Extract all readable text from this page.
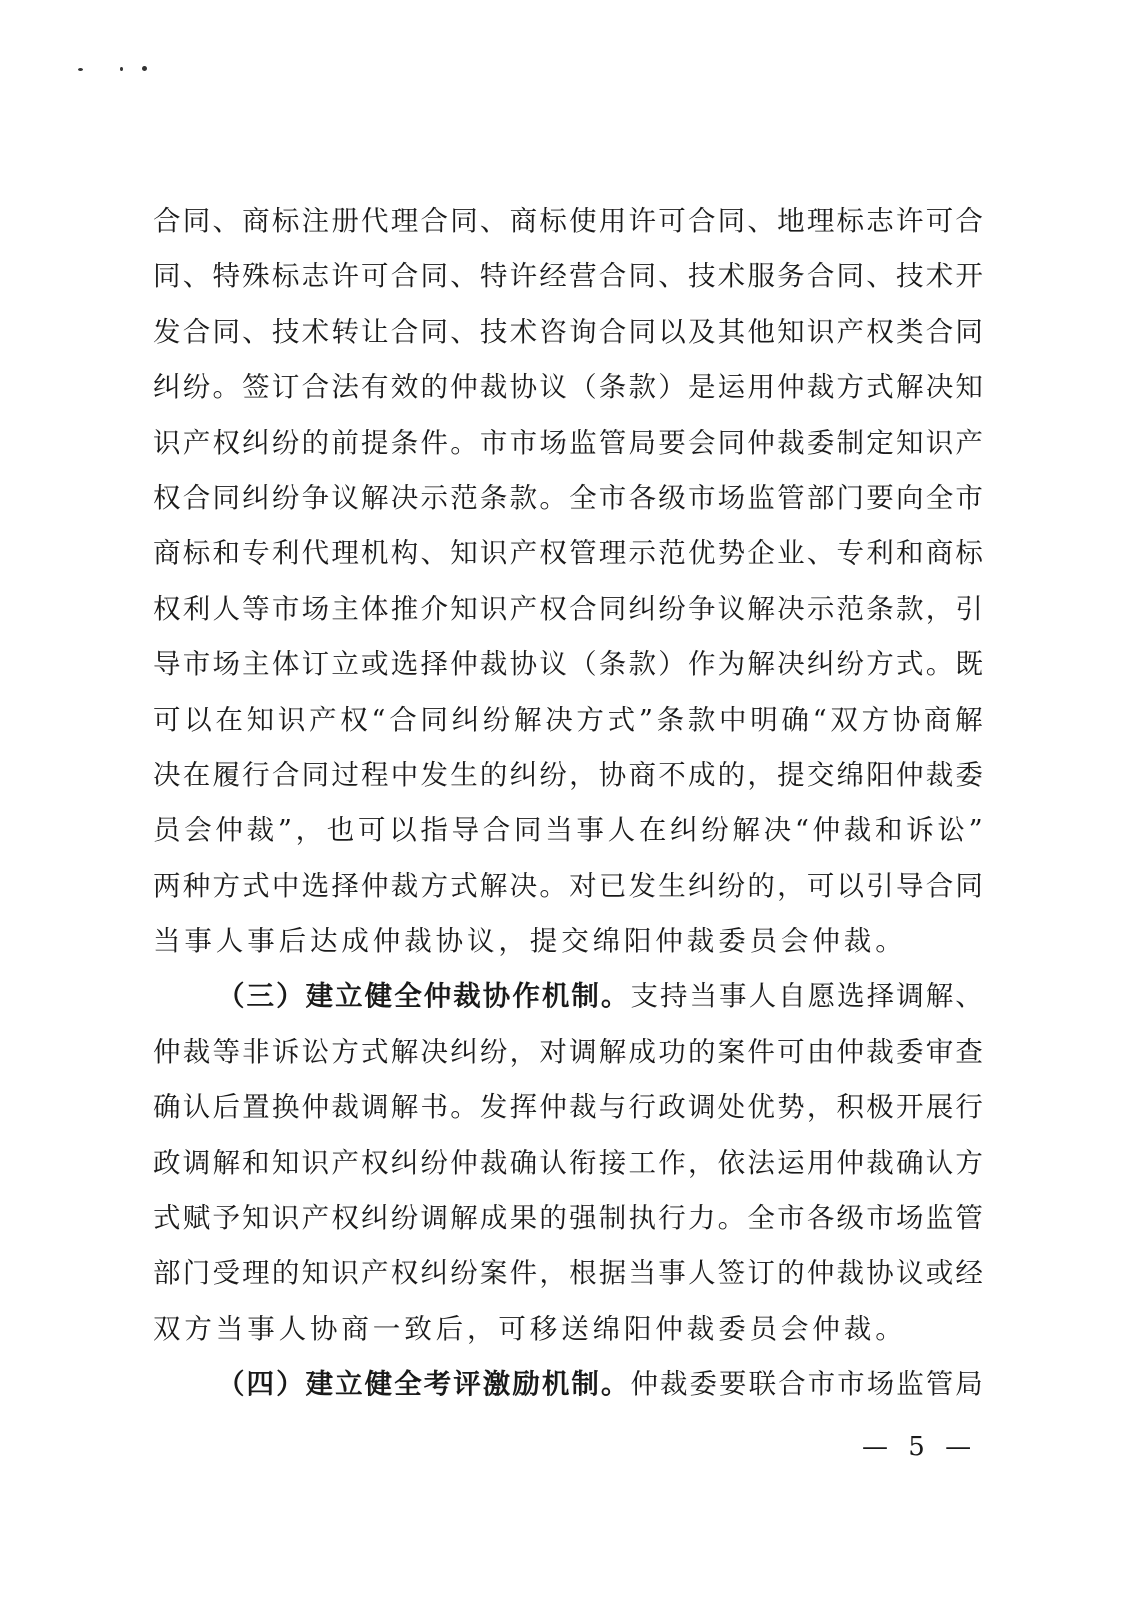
合 同 、 商 标 注 册 代 理 合 同 、 商 标 使 用 许 可 合 同 、 地 理 标 志 许 可 合
同 、 特 殊 标 志 许 可 合 同 、 特 许 经 营 合 同 、 技 术 服 务 合 同 、 技 术 开
发 合 同 、 技 术 转 让 合 同 、 技 术 咨 询 合 同 以 及 其 他 知 识 产 权 类 合 同
纠 纷 。 签 订 合 法 有 效 的 仲 裁 协 议 （ 条 款 ） 是 运 用 仲 裁 方 式 解 决 知
识 产 权 纠 纷 的 前 提 条 件 。 市 市 场 监 管 局 要 会 同 仲 裁 委 制 定 知 识 产
权 合 同 纠 纷 争 议 解 决 示 范 条 款 。 全 市 各 级 市 场 监 管 部 门 要 向 全 市
商 标 和 专 利 代 理 机 构 、 知 识 产 权 管 理 示 范 优 势 企 业 、 专 利 和 商 标
权 利 人 等 市 场 主 体 推 介 知 识 产 权 合 同 纠 纷 争 议 解 决 示 范 条 款 ， 引
导 市 场 主 体 订 立 或 选 择 仲 裁 协 议 （ 条 款 ） 作 为 解 决 纠 纷 方 式 。 既
可 以 在 知 识 产 权 “ 合 同 纠 纷 解 决 方 式 ” 条 款 中 明 确 “ 双 方 协 商 解
决 在 履 行 合 同 过 程 中 发 生 的 纠 纷 ， 协 商 不 成 的 ， 提 交 绵 阳 仲 裁 委
员 会 仲 裁 ” ， 也 可 以 指 导 合 同 当 事 人 在 纠 纷 解 决 “ 仲 裁 和 诉 讼 ”
两 种 方 式 中 选 择 仲 裁 方 式 解 决 。 对 已 发 生 纠 纷 的 ， 可 以 引 导 合 同
当事人事后达成仲裁协议，提交绵阳仲裁委员会仲裁。
（ 三 ） 建 立 健 全 仲 裁 协 作 机 制 。 支 持 当 事 人 自 愿 选 择 调 解 、
仲 裁 等 非 诉 讼 方 式 解 决 纠 纷 ， 对 调 解 成 功 的 案 件 可 由 仲 裁 委 审 查
确 认 后 置 换 仲 裁 调 解 书 。 发 挥 仲 裁 与 行 政 调 处 优 势 ， 积 极 开 展 行
政 调 解 和 知 识 产 权 纠 纷 仲 裁 确 认 衔 接 工 作 ， 依 法 运 用 仲 裁 确 认 方
式 赋 予 知 识 产 权 纠 纷 调 解 成 果 的 强 制 执 行 力 。 全 市 各 级 市 场 监 管
部 门 受 理 的 知 识 产 权 纠 纷 案 件 ， 根 据 当 事 人 签 订 的 仲 裁 协 议 或 经
双方当事人协商一致后，可移送绵阳仲裁委员会仲裁。
（ 四 ） 建 立 健 全 考 评 激 励 机 制 。 仲 裁 委 要 联 合 市 市 场 监 管 局
— 5 —
